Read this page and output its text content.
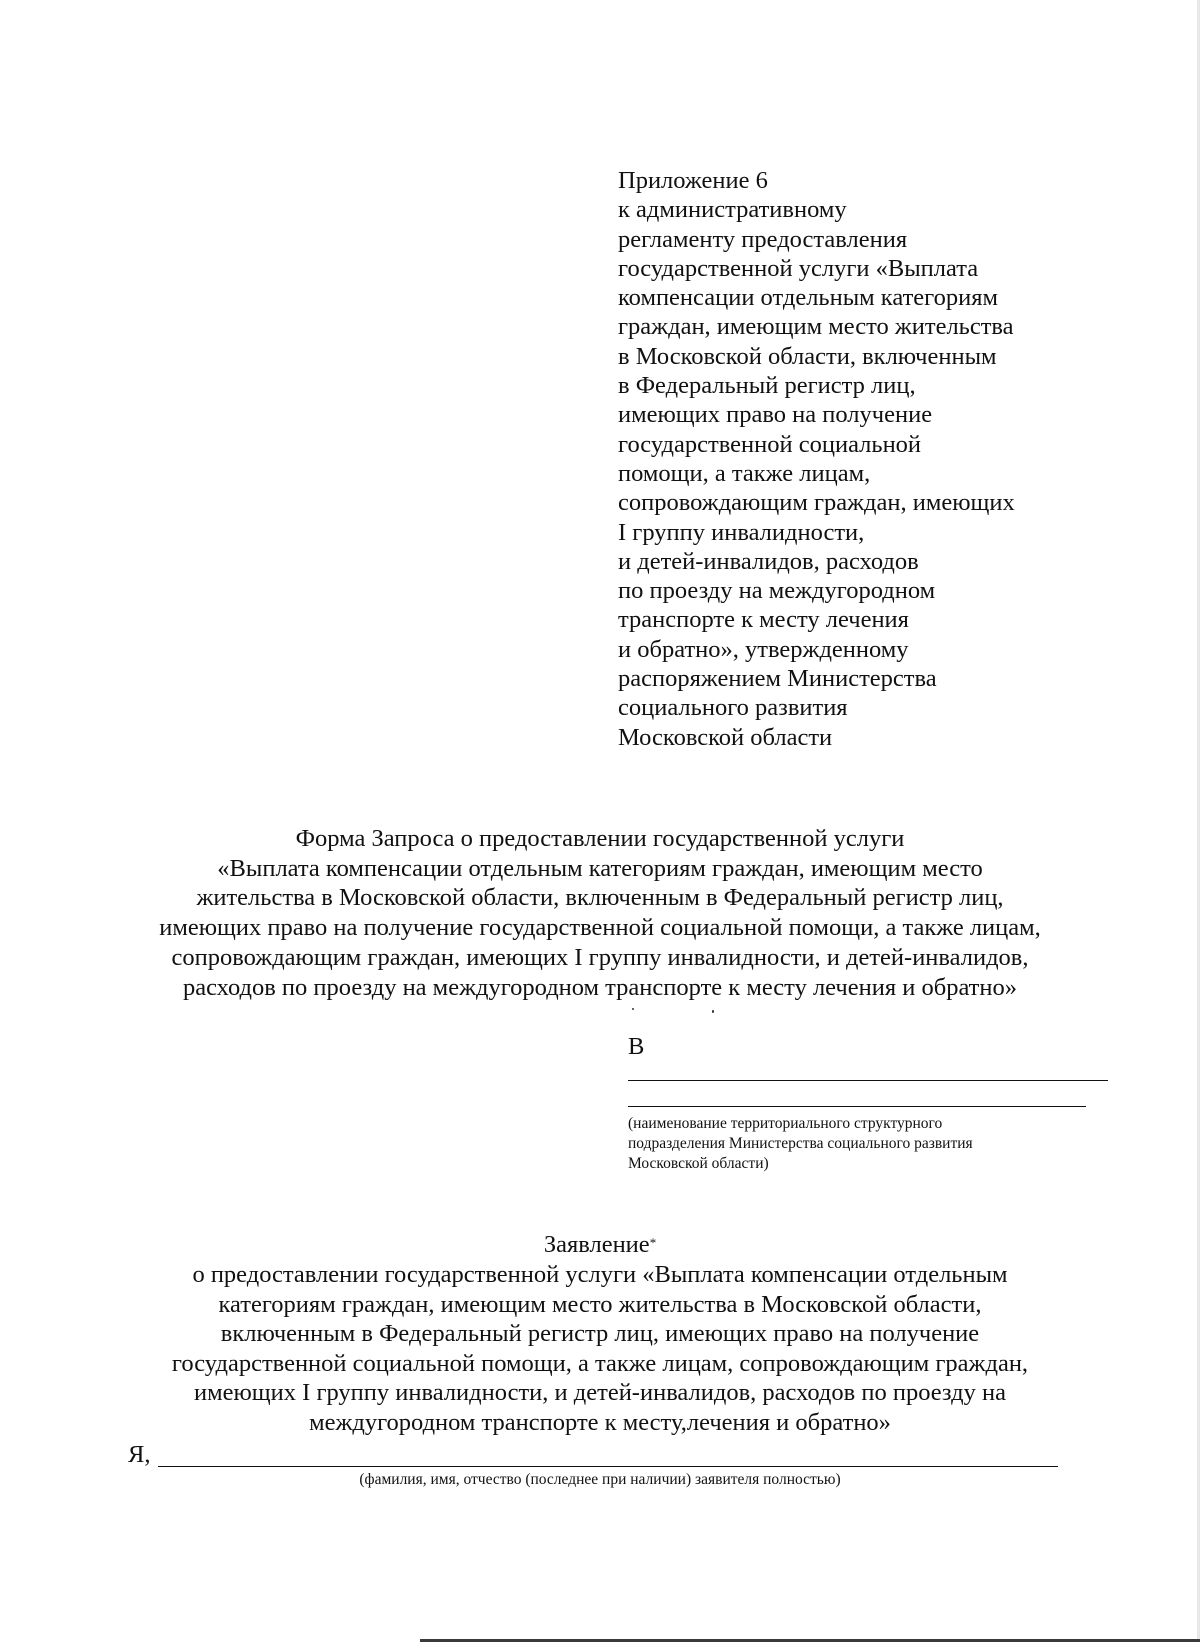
Приложение 6
к административному
регламенту предоставления
государственной услуги «Выплата
компенсации отдельным категориям
граждан, имеющим место жительства
в Московской области, включенным
в Федеральный регистр лиц,
имеющих право на получение
государственной социальной
помощи, а также лицам,
сопровождающим граждан, имеющих
I группу инвалидности,
и детей-инвалидов, расходов
по проезду на междугородном
транспорте к месту лечения
и обратно», утвержденному
распоряжением Министерства
социального развития
Московской области
Форма Запроса о предоставлении государственной услуги
«Выплата компенсации отдельным категориям граждан, имеющим место
жительства в Московской области, включенным в Федеральный регистр лиц,
имеющих право на получение государственной социальной помощи, а также лицам,
сопровождающим граждан, имеющих I группу инвалидности, и детей-инвалидов,
расходов по проезду на междугородном транспорте к месту лечения и обратно»
В
(наименование территориального структурного
подразделения Министерства социального развития
Московской области)
Заявление*
о предоставлении государственной услуги «Выплата компенсации отдельным
категориям граждан, имеющим место жительства в Московской области,
включенным в Федеральный регистр лиц, имеющих право на получение
государственной социальной помощи, а также лицам, сопровождающим граждан,
имеющих I группу инвалидности, и детей-инвалидов, расходов по проезду на
междугородном транспорте к месту,лечения и обратно»
Я,
(фамилия, имя, отчество (последнее при наличии) заявителя полностью)
